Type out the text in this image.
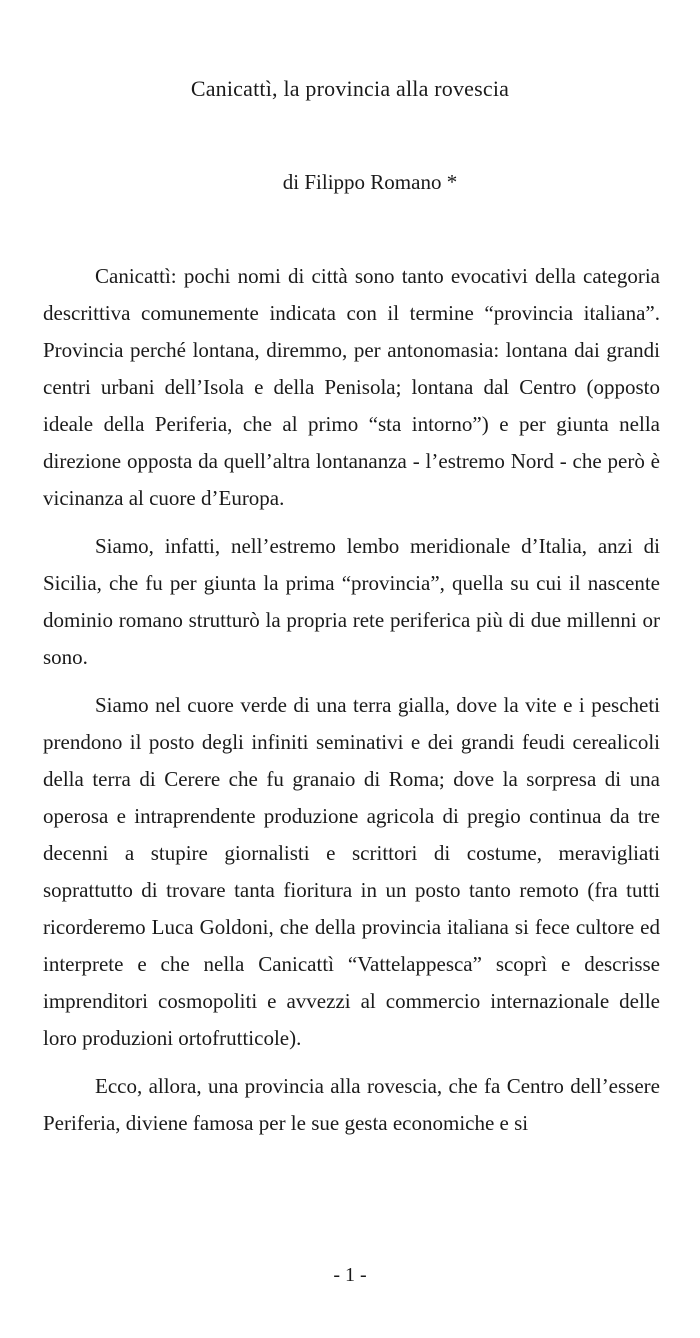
Canicattì, la provincia alla rovescia
di Filippo Romano *

Canicattì: pochi nomi di città sono tanto evocativi della categoria descrittiva comunemente indicata con il termine “provincia italiana”. Provincia perché lontana, diremmo, per antonomasia: lontana dai grandi centri urbani dell’Isola e della Penisola; lontana dal Centro (opposto ideale della Periferia, che al primo “sta intorno”) e per giunta nella direzione opposta da quell’altra lontananza - l’estremo Nord - che però è vicinanza al cuore d’Europa.

Siamo, infatti, nell’estremo lembo meridionale d’Italia, anzi di Sicilia, che fu per giunta la prima “provincia”, quella su cui il nascente dominio romano strutturò la propria rete periferica più di due millenni or sono.

Siamo nel cuore verde di una terra gialla, dove la vite e i pescheti prendono il posto degli infiniti seminativi e dei grandi feudi cerealicoli della terra di Cerere che fu granaio di Roma; dove la sorpresa di una operosa e intraprendente produzione agricola di pregio continua da tre decenni a stupire giornalisti e scrittori di costume, meravigliati soprattutto di trovare tanta fioritura in un posto tanto remoto (fra tutti ricorderemo Luca Goldoni, che della provincia italiana si fece cultore ed interprete e che nella Canicattì “Vattelappesca” scoprì e descrisse imprenditori cosmopoliti e avvezzi al commercio internazionale delle loro produzioni ortofrutticole).

Ecco, allora, una provincia alla rovescia, che fa Centro dell’essere Periferia, diviene famosa per le sue gesta economiche e si

- 1 -
